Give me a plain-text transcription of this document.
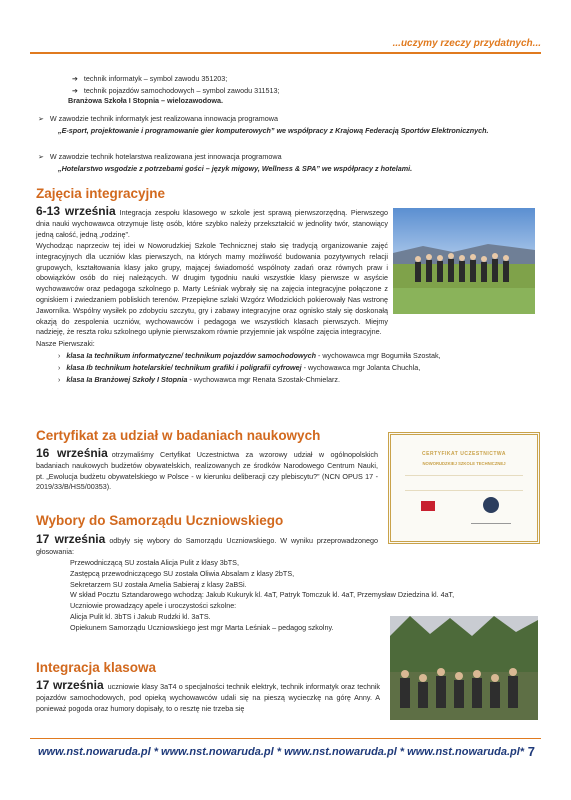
...uczymy rzeczy przydatnych...
➔ technik informatyk – symbol zawodu 351203;
➔ technik pojazdów samochodowych – symbol zawodu 311513;
Branżowa Szkoła I Stopnia – wielozawodowa.
➢ W zawodzie technik informatyk jest realizowana innowacja programowa
„E-sport, projektowanie i programowanie gier komputerowych” we współpracy z Krajową Federacją Sportów Elektronicznych.
➢ W zawodzie technik hotelarstwa realizowana jest innowacja programowa
„Hotelarstwo wsgodzie z potrzebami gości – język migowy, Wellness & SPA” we współpracy z hotelami.
Zajęcia integracyjne
6-13 września Integracja zespołu klasowego w szkole jest sprawą pierwszorzędną. Pierwszego dnia nauki wychowawca otrzymuje listę osób, które szybko należy przekształcić w jednolity twór, stanowiący jedną całość, jedną „rodzinę”.
Wychodząc naprzeciw tej idei w Noworudzkiej Szkole Technicznej stało się tradycją organizowanie zajęć integracyjnych dla uczniów klas pierwszych, na których mamy możliwość budowania pozytywnych relacji grupowych, kształtowania klasy jako grupy, mającej świadomość wspólnoty zadań oraz równych praw i obowiązków osób do niej należących. W drugim tygodniu nauki wszystkie klasy pierwsze w asyście wychowawców oraz pedagoga szkolnego p. Marty Leśniak wybrały się na zajęcia integracyjne połączone z ogniskiem i zwiedzaniem pobliskich terenów. Przepiękne szlaki Wzgórz Włodzickich pokierowały Nas wstronę Jaworníka. Wspólny wysiłek po zdobyciu szczytu, gry i zabawy integracyjne oraz ognisko stały się doskonałą okazją do zespolenia uczniów, wychowawców i pedagoga we wszystkich klasach pierwszych. Miejmy nadzieję, że reszta roku szkolnego upłynie pierwszakom równie przyjemnie jak wspólne zajęcia integracyjne.
Nasze Pierwszaki:
› klasa Ia technikum informatyczne/ technikum pojazdów samochodowych - wychowawca mgr Bogumiła Szostak,
› klasa Ib technikum hotelarskie/ technikum grafiki i poligrafii cyfrowej - wychowawca mgr Jolanta Chuchla,
› klasa Ia Branżowej Szkoły I Stopnia - wychowawca mgr Renata Szostak-Chmielarz.
Certyfikat za udział w badaniach naukowych
16 września otrzymaliśmy Certyfikat Uczestnictwa za wzorowy udział w ogólnopolskich badaniach naukowych budżetów obywatelskich, realizowanych ze środków Narodowego Centrum Nauki, pt. „Ewolucja budżetu obywatelskiego w Polsce - w kierunku deliberacji czy plebiscytu?” (NCN OPUS 17 - 2019/33/B/HS5/00353).
CERTYFIKAT UCZESTNICTWA
NOWORUDZKIEJ SZKOLE TECHNICZNEJ
Wybory do Samorządu Uczniowskiego
17 września odbyły się wybory do Samorządu Uczniowskiego. W wyniku przeprowadzonego głosowania:
Przewodniczącą SU została Alicja Pulit z klasy 3bTS,
Zastępcą przewodniczącego SU została Oliwia Absalam z klasy 2bTS,
Sekretarzem SU została Amelia Sabieraj z klasy 2aBSi.
W skład Pocztu Sztandarowego wchodzą: Jakub Kukuryk kl. 4aT, Patryk Tomczuk kl. 4aT, Przemysław Dziedzina kl. 4aT,
Uczniowie prowadzący apele i uroczystości szkolne:
Alicja Pulit kl. 3bTS i Jakub Rudzki kl. 3aTS.
Opiekunem Samorządu Uczniowskiego jest mgr Marta Leśniak – pedagog szkolny.
Integracja klasowa
17 września uczniowie klasy 3aT4 o specjalności technik elektryk, technik informatyk oraz technik pojazdów samochodowych, pod opieką wychowawców udali się na pieszą wycieczkę na górę Anny. A ponieważ pogoda oraz humory dopisały, to o resztę nie trzeba się
www.nst.nowaruda.pl * www.nst.nowaruda.pl * www.nst.nowaruda.pl * www.nst.nowaruda.pl* 7
